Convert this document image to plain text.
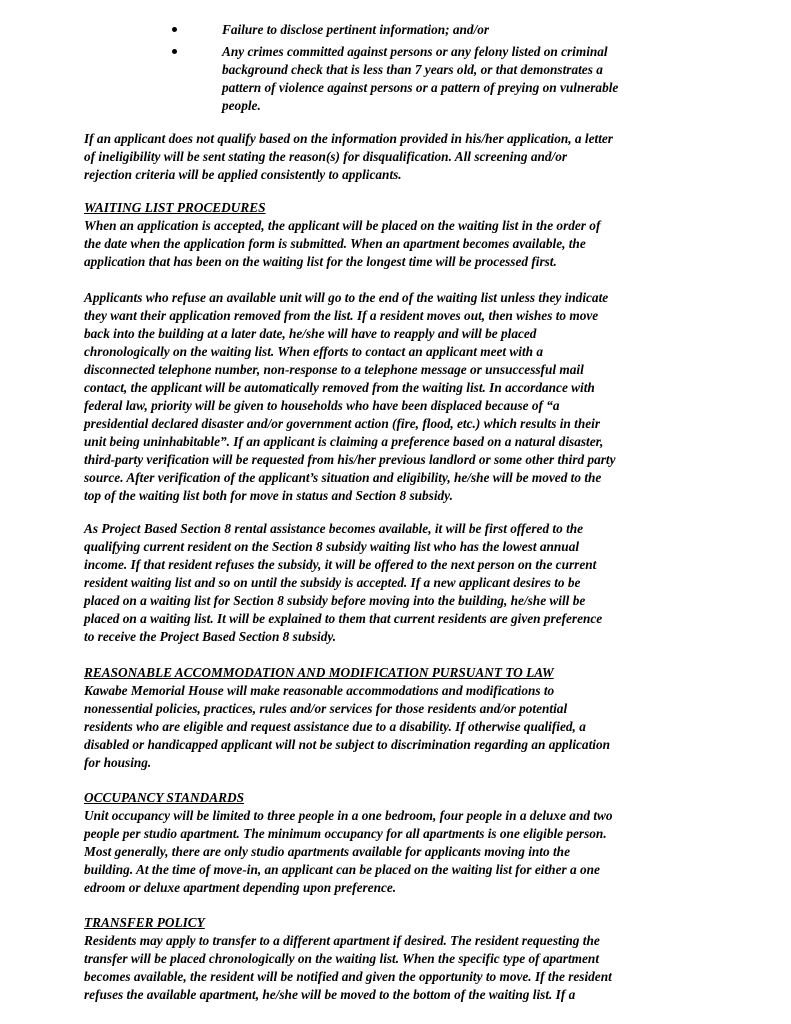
Failure to disclose pertinent information; and/or
Any crimes committed against persons or any felony listed on criminal
background check that is less than 7 years old, or that demonstrates a
pattern of violence against persons or a pattern of preying on vulnerable
people.
If an applicant does not qualify based on the information provided in his/her application, a letter
of ineligibility will be sent stating the reason(s) for disqualification. All screening and/or
rejection criteria will be applied consistently to applicants.
WAITING LIST PROCEDURES
When an application is accepted, the applicant will be placed on the waiting list in the order of
the date when the application form is submitted. When an apartment becomes available, the
application that has been on the waiting list for the longest time will be processed first.
Applicants who refuse an available unit will go to the end of the waiting list unless they indicate
they want their application removed from the list. If a resident moves out, then wishes to move
back into the building at a later date, he/she will have to reapply and will be placed
chronologically on the waiting list. When efforts to contact an applicant meet with a
disconnected telephone number, non-response to a telephone message or unsuccessful mail
contact, the applicant will be automatically removed from the waiting list. In accordance with
federal law, priority will be given to households who have been displaced because of “a
presidential declared disaster and/or government action (fire, flood, etc.) which results in their
unit being uninhabitable”. If an applicant is claiming a preference based on a natural disaster,
third-party verification will be requested from his/her previous landlord or some other third party
source. After verification of the applicant’s situation and eligibility, he/she will be moved to the
top of the waiting list both for move in status and Section 8 subsidy.
As Project Based Section 8 rental assistance becomes available, it will be first offered to the
qualifying current resident on the Section 8 subsidy waiting list who has the lowest annual
income. If that resident refuses the subsidy, it will be offered to the next person on the current
resident waiting list and so on until the subsidy is accepted. If a new applicant desires to be
placed on a waiting list for Section 8 subsidy before moving into the building, he/she will be
placed on a waiting list. It will be explained to them that current residents are given preference
to receive the Project Based Section 8 subsidy.
REASONABLE ACCOMMODATION AND MODIFICATION PURSUANT TO LAW
Kawabe Memorial House will make reasonable accommodations and modifications to
nonessential policies, practices, rules and/or services for those residents and/or potential
residents who are eligible and request assistance due to a disability. If otherwise qualified, a
disabled or handicapped applicant will not be subject to discrimination regarding an application
for housing.
OCCUPANCY STANDARDS
Unit occupancy will be limited to three people in a one bedroom, four people in a deluxe and two
people per studio apartment. The minimum occupancy for all apartments is one eligible person.
Most generally, there are only studio apartments available for applicants moving into the
building. At the time of move-in, an applicant can be placed on the waiting list for either a one
edroom or deluxe apartment depending upon preference.
TRANSFER POLICY
Residents may apply to transfer to a different apartment if desired. The resident requesting the
transfer will be placed chronologically on the waiting list. When the specific type of apartment
becomes available, the resident will be notified and given the opportunity to move. If the resident
refuses the available apartment, he/she will be moved to the bottom of the waiting list. If a
